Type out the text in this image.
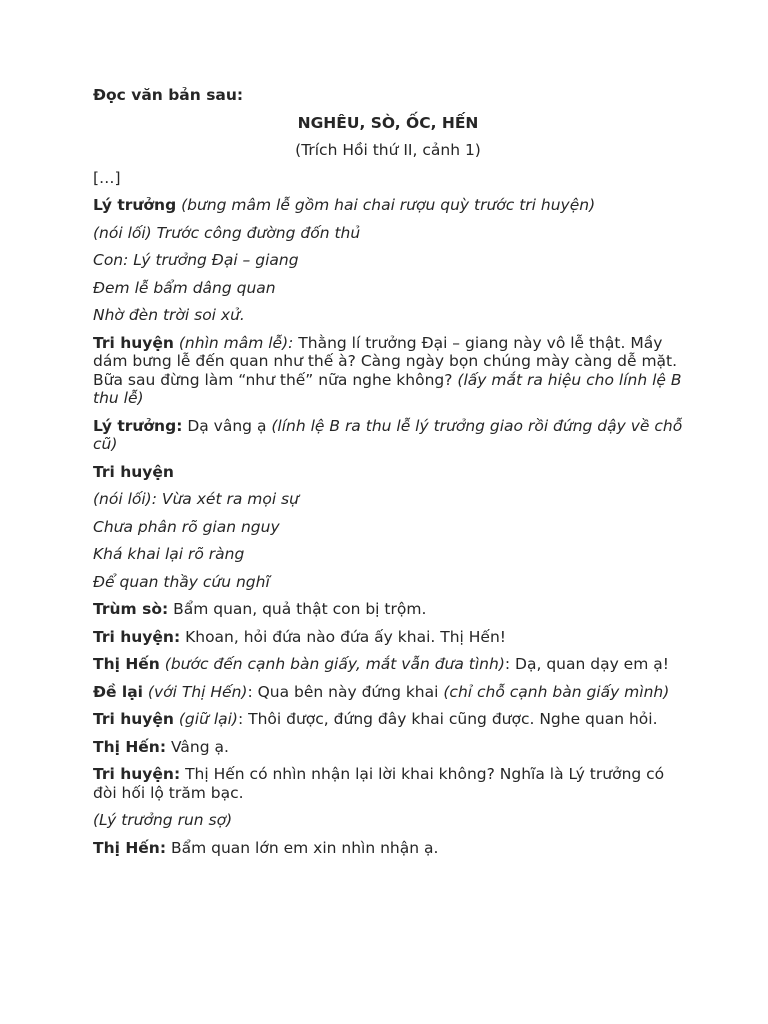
Đọc văn bản sau:

NGHÊU, SÒ, ỐC, HẾN

(Trích Hồi thứ II, cảnh 1)

[…]

Lý trưởng (bưng mâm lễ gồm hai chai rượu quỳ trước tri huyện)

(nói lối) Trước công đường đốn thủ

Con: Lý trưởng Đại – giang

Đem lễ bẩm dâng quan

Nhờ đèn trời soi xử.

Tri huyện (nhìn mâm lễ): Thằng lí trưởng Đại – giang này vô lễ thật. Mầy dám bưng lễ đến quan như thế à? Càng ngày bọn chúng mày càng dễ mặt. Bữa sau đừng làm “như thế” nữa nghe không? (lấy mắt ra hiệu cho lính lệ B thu lễ)

Lý trưởng: Dạ vâng ạ (lính lệ B ra thu lễ lý trưởng giao rồi đứng dậy về chỗ cũ)

Tri huyện

(nói lối): Vừa xét ra mọi sự

Chưa phân rõ gian nguy

Khá khai lại rõ ràng

Để quan thầy cứu nghĩ

Trùm sò: Bẩm quan, quả thật con bị trộm.

Tri huyện: Khoan, hỏi đứa nào đứa ấy khai. Thị Hến!

Thị Hến (bước đến cạnh bàn giấy, mắt vẫn đưa tình): Dạ, quan dạy em ạ!

Đề lại (với Thị Hến): Qua bên này đứng khai (chỉ chỗ cạnh bàn giấy mình)

Tri huyện (giữ lại): Thôi được, đứng đây khai cũng được. Nghe quan hỏi.

Thị Hến: Vâng ạ.

Tri huyện: Thị Hến có nhìn nhận lại lời khai không? Nghĩa là Lý trưởng có đòi hối lộ trăm bạc.

(Lý trưởng run sợ)

Thị Hến: Bẩm quan lớn em xin nhìn nhận ạ.
